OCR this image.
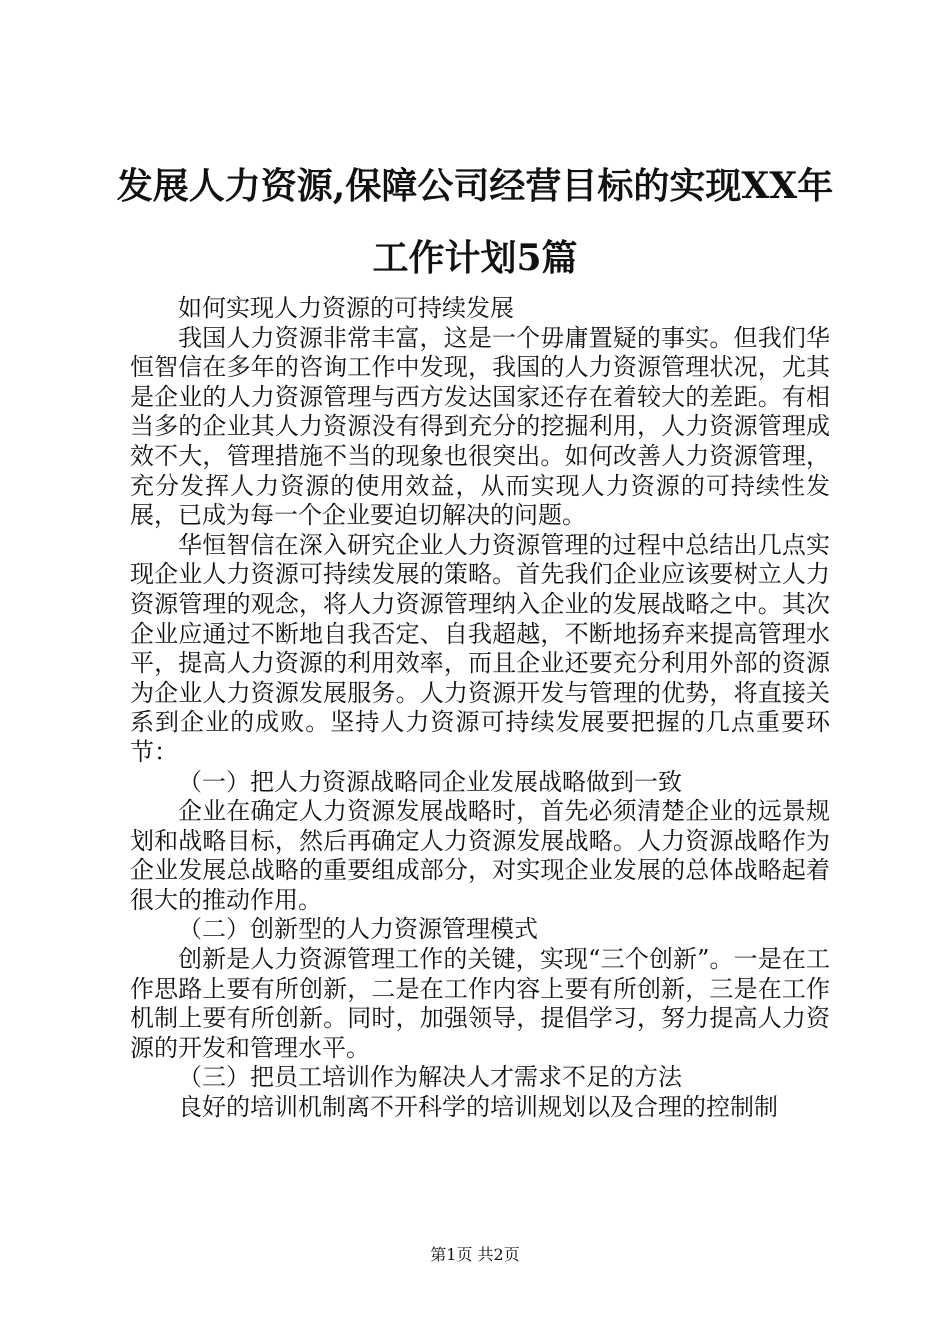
发展人力资源,保障公司经营目标的实现XX年
工作计划5篇

如何实现人力资源的可持续发展

我国人力资源非常丰富，这是一个毋庸置疑的事实。但我们华恒智信在多年的咨询工作中发现，我国的人力资源管理状况，尤其是企业的人力资源管理与西方发达国家还存在着较大的差距。有相当多的企业其人力资源没有得到充分的挖掘利用，人力资源管理成效不大，管理措施不当的现象也很突出。如何改善人力资源管理，充分发挥人力资源的使用效益，从而实现人力资源的可持续性发展，已成为每一个企业要迫切解决的问题。

华恒智信在深入研究企业人力资源管理的过程中总结出几点实现企业人力资源可持续发展的策略。首先我们企业应该要树立人力资源管理的观念，将人力资源管理纳入企业的发展战略之中。其次企业应通过不断地自我否定、自我超越，不断地扬弃来提高管理水平，提高人力资源的利用效率，而且企业还要充分利用外部的资源为企业人力资源发展服务。人力资源开发与管理的优势，将直接关系到企业的成败。坚持人力资源可持续发展要把握的几点重要环节：

（一）把人力资源战略同企业发展战略做到一致

企业在确定人力资源发展战略时，首先必须清楚企业的远景规划和战略目标，然后再确定人力资源发展战略。人力资源战略作为企业发展总战略的重要组成部分，对实现企业发展的总体战略起着很大的推动作用。

（二）创新型的人力资源管理模式

创新是人力资源管理工作的关键，实现“三个创新”。一是在工作思路上要有所创新，二是在工作内容上要有所创新，三是在工作机制上要有所创新。同时，加强领导，提倡学习，努力提高人力资源的开发和管理水平。

（三）把员工培训作为解决人才需求不足的方法

良好的培训机制离不开科学的培训规划以及合理的控制制

第1页 共2页
